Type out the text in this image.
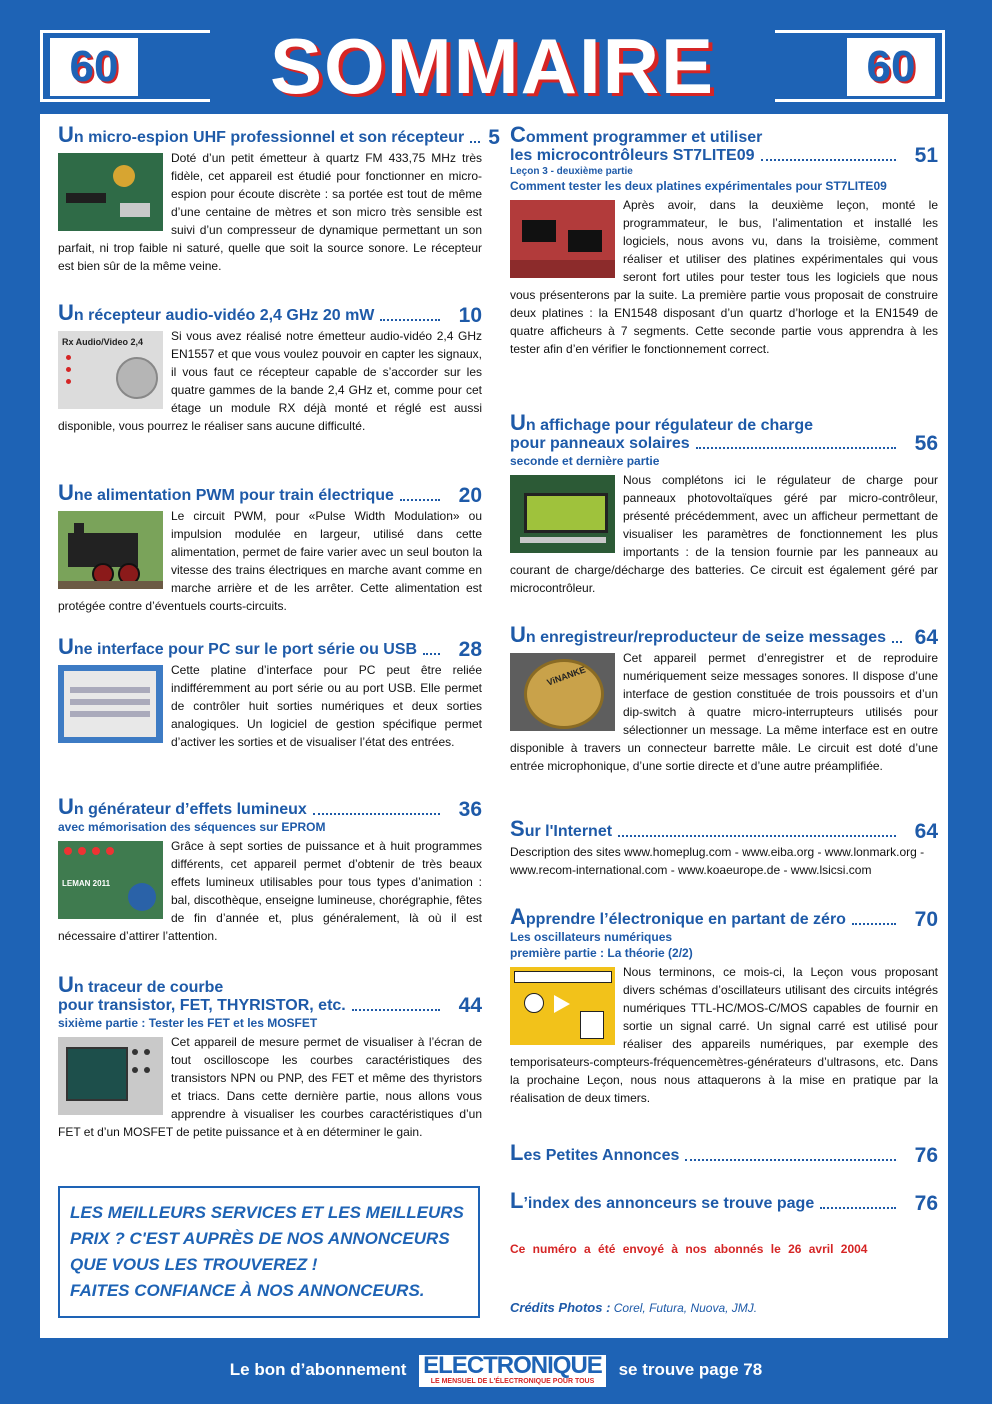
60	SOMMAIRE	60
Un micro-espion UHF professionnel et son récepteur 5
Doté d’un petit émetteur à quartz FM 433,75 MHz très fidèle, cet appareil est étudié pour fonctionner en micro-espion pour écoute discrète : sa portée est tout de même d’une centaine de mètres et son micro très sensible est suivi d’un compresseur de dynamique permettant un son parfait, ni trop faible ni saturé, quelle que soit la source sonore. Le récepteur est bien sûr de la même veine.
Un récepteur audio-vidéo 2,4 GHz 20 mW	10
Rx Audio/Video 2,4 Si vous avez réalisé notre émetteur audio-vidéo 2,4 GHz EN1557 et que vous voulez pouvoir en capter les signaux, il vous faut ce récepteur capable de s’accorder sur les quatre gammes de la bande 2,4 GHz et, comme pour cet étage un module RX déjà monté et réglé est aussi disponible, vous pourrez le réaliser sans aucune difficulté.
Une alimentation PWM pour train électrique	20
Le circuit PWM, pour «Pulse Width Modulation» ou impulsion modulée en largeur, utilisé dans cette alimentation, permet de faire varier avec un seul bouton la vitesse des trains électriques en marche avant comme en marche arrière et de les arrêter. Cette alimentation est protégée contre d’éventuels courts-circuits.
Une interface pour PC sur le port série ou USB	28
Cette platine d’interface pour PC peut être reliée indifféremment au port série ou au port USB. Elle permet de contrôler huit sorties numériques et deux sorties analogiques. Un logiciel de gestion spécifique permet d’activer les sorties et de visualiser l’état des entrées.
Un générateur d’effets lumineux	36
avec mémorisation des séquences sur EPROM
LEMAN 2011
Grâce à sept sorties de puissance et à huit programmes différents, cet appareil permet d’obtenir de très beaux effets lumineux utilisables pour tous types d’animation : bal, discothèque, enseigne lumineuse, chorégraphie, fêtes de fin d’année et, plus généralement, là où il est nécessaire d’attirer l’attention.
Un traceur de courbe
pour transistor, FET, THYRISTOR, etc.	44
sixième partie : Tester les FET et les MOSFET
Cet appareil de mesure permet de visualiser à l’écran de tout oscilloscope les courbes caractéristiques des transistors NPN ou PNP, des FET et même des thyristors et triacs. Dans cette dernière partie, nous allons vous apprendre à visualiser les courbes caractéristiques d’un FET et d’un MOSFET de petite puissance et à en déterminer le gain.
LES MEILLEURS SERVICES ET LES MEILLEURS
PRIX ? C'EST AUPRÈS DE NOS ANNONCEURS
QUE VOUS LES TROUVEREZ !
FAITES CONFIANCE À NOS ANNONCEURS.
Comment programmer et utiliser
les microcontrôleurs ST7LITE09	51
Leçon 3 - deuxième partie
Comment tester les deux platines expérimentales pour ST7LITE09
Après avoir, dans la deuxième leçon, monté le programmateur, le bus, l’alimentation et installé les logiciels, nous avons vu, dans la troisième, comment réaliser et utiliser des platines expérimentales qui vous seront fort utiles pour tester tous les logiciels que nous vous présenterons par la suite. La première partie vous proposait de construire deux platines : la EN1548 disposant d’un quartz d’horloge et la EN1549 de quatre afficheurs à 7 segments. Cette seconde partie vous apprendra à les tester afin d’en vérifier le fonctionnement correct.
Un affichage pour régulateur de charge
pour panneaux solaires	56
seconde et dernière partie
Nous complétons ici le régulateur de charge pour panneaux photovoltaïques géré par micro-contrôleur, présenté précédemment, avec un afficheur permettant de visualiser les paramètres de fonctionnement les plus importants : de la tension fournie par les panneaux au courant de charge/décharge des batteries. Ce circuit est également géré par microcontrôleur.
Un enregistreur/reproducteur de seize messages 64
ViNANKE
Cet appareil permet d’enregistrer et de reproduire numériquement seize messages sonores. Il dispose d’une interface de gestion constituée de trois poussoirs et d’un dip-switch à quatre micro-interrupteurs utilisés pour sélectionner un message. La même interface est en outre disponible à travers un connecteur barrette mâle. Le circuit est doté d’une entrée microphonique, d’une sortie directe et d’une autre préamplifiée.
Sur l'Internet	64
Description des sites www.homeplug.com - www.eiba.org - www.lonmark.org - www.recom-international.com - www.koaeurope.de - www.lsicsi.com
Apprendre l’électronique en partant de zéro	70
Les oscillateurs numériques
première partie : La théorie (2/2)
Nous terminons, ce mois-ci, la Leçon vous proposant divers schémas d’oscillateurs utilisant des circuits intégrés numériques TTL-HC/MOS-C/MOS capables de fournir en sortie un signal carré. Un signal carré est utilisé pour réaliser des appareils numériques, par exemple des temporisateurs-compteurs-fréquencemètres-générateurs d’ultrasons, etc. Dans la prochaine Leçon, nous nous attaquerons à la mise en pratique par la réalisation de deux timers.
Les Petites Annonces	76
L’index des annonceurs se trouve page	76
Ce numéro a été envoyé à nos abonnés le 26 avril 2004
Crédits Photos : Corel, Futura, Nuova, JMJ.
Le bon d’abonnement ELECTRONIQUE
LE MENSUEL DE L'ÉLECTRONIQUE POUR TOUS
se trouve page 78
